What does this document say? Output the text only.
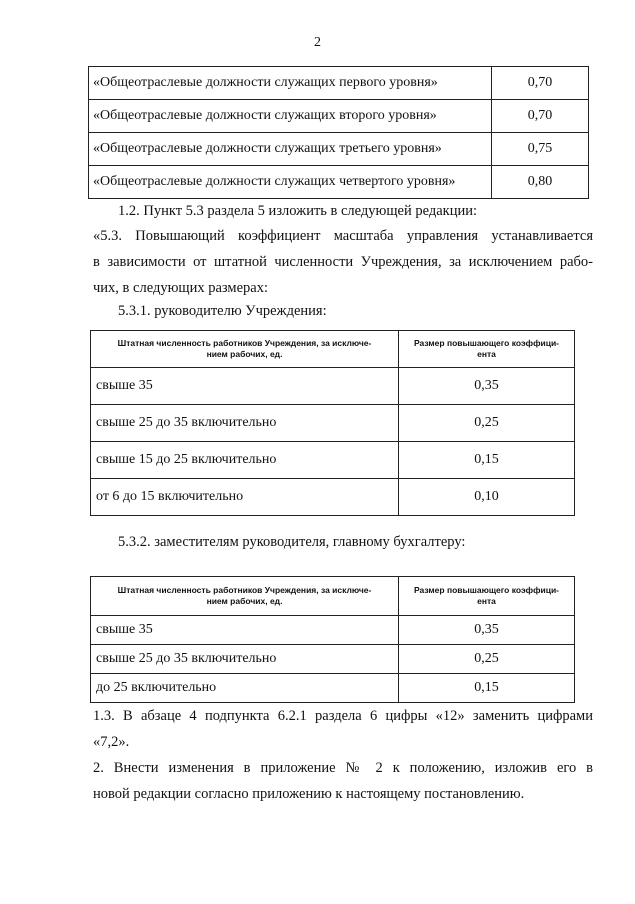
2
«Общеотраслевые должности служащих первого уровня»	0,70
«Общеотраслевые должности служащих второго уровня»	0,70
«Общеотраслевые должности служащих третьего уровня»	0,75
«Общеотраслевые должности служащих четвертого уровня»	0,80
1.2. Пункт 5.3 раздела 5 изложить в следующей редакции:
«5.3. Повышающий коэффициент масштаба управления устанавливается
в зависимости от штатной численности Учреждения, за исключением рабо-
чих, в следующих размерах:
5.3.1. руководителю Учреждения:
Штатная численность работников Учреждения, за исключе-
нием рабочих, ед.	Размер повышающего коэффици-
ента
свыше 35	0,35
свыше 25 до 35 включительно	0,25
свыше 15 до 25 включительно	0,15
от 6 до 15 включительно	0,10
5.3.2. заместителям руководителя, главному бухгалтеру:
Штатная численность работников Учреждения, за исключе-
нием рабочих, ед.	Размер повышающего коэффици-
ента
свыше 35	0,35
свыше 25 до 35 включительно	0,25
до 25 включительно	0,15
1.3. В абзаце 4 подпункта 6.2.1 раздела 6 цифры «12» заменить цифрами
«7,2».
2. Внести изменения в приложение № 2 к положению, изложив его в
новой редакции согласно приложению к настоящему постановлению.
